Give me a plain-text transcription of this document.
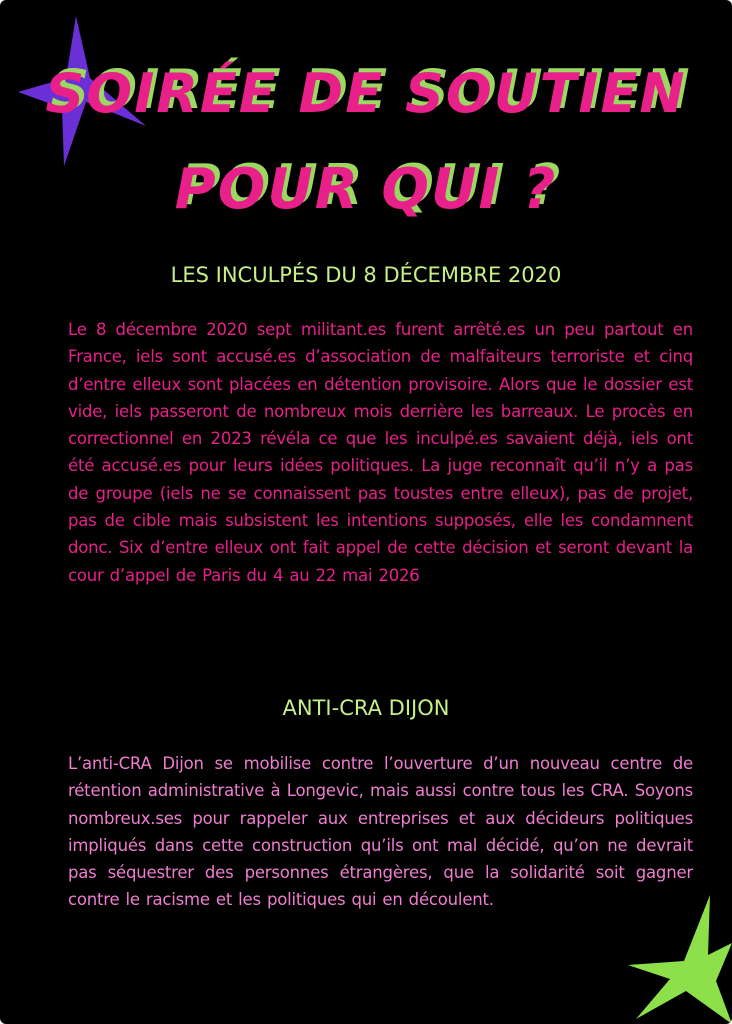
SOIRÉE DE SOUTIEN
POUR QUI ?
LES INCULPÉS DU 8 DÉCEMBRE 2020
Le 8 décembre 2020 sept militant.es furent arrêté.es un peu partout en France, iels sont accusé.es d’association de malfaiteurs terroriste et cinq d’entre elleux sont placées en détention provisoire. Alors que le dossier est vide, iels passeront de nombreux mois derrière les barreaux. Le procès en correctionnel en 2023 révéla ce que les inculpé.es savaient déjà, iels ont été accusé.es pour leurs idées politiques. La juge reconnaît qu’il n’y a pas de groupe (iels ne se connaissent pas toustes entre elleux), pas de projet, pas de cible mais subsistent les intentions supposés, elle les condamnent donc. Six d’entre elleux ont fait appel de cette décision et seront devant la cour d’appel de Paris du 4 au 22 mai 2026
ANTI-CRA DIJON
L’anti-CRA Dijon se mobilise contre l’ouverture d’un nouveau centre de rétention administrative à Longevic, mais aussi contre tous les CRA. Soyons nombreux.ses pour rappeler aux entreprises et aux décideurs politiques impliqués dans cette construction qu’ils ont mal décidé, qu’on ne devrait pas séquestrer des personnes étrangères, que la solidarité soit gagner contre le racisme et les politiques qui en découlent.
